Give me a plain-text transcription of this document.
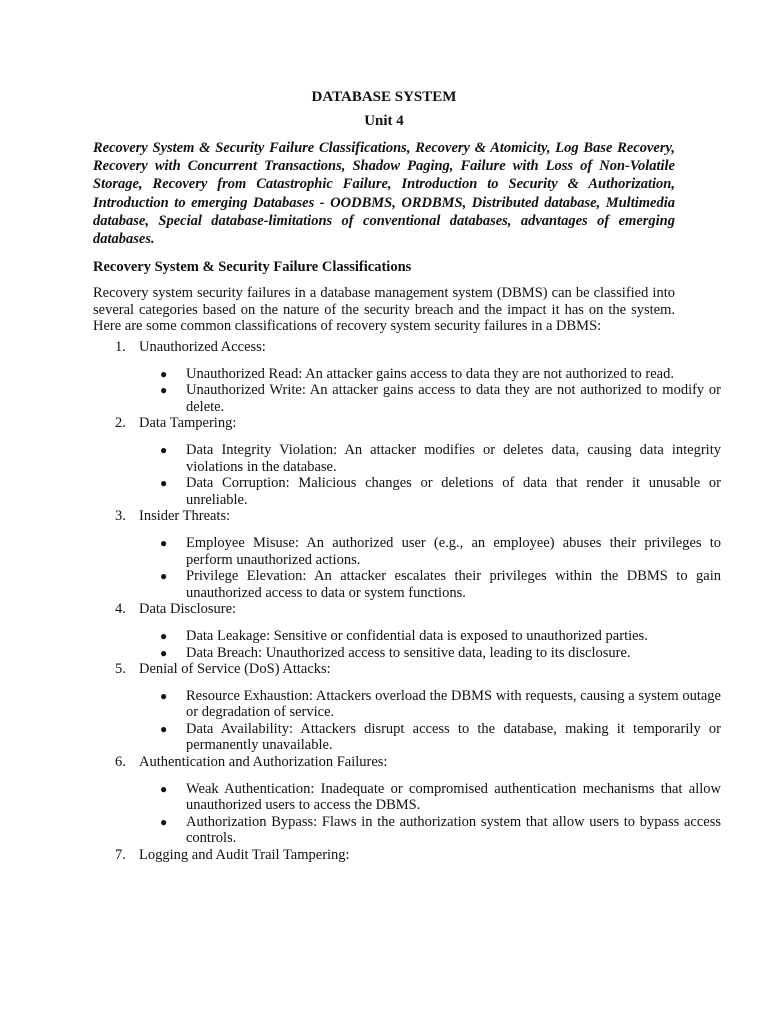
DATABASE SYSTEM
Unit 4

Recovery System & Security Failure Classifications, Recovery & Atomicity, Log Base Recovery, Recovery with Concurrent Transactions, Shadow Paging, Failure with Loss of Non-Volatile Storage, Recovery from Catastrophic Failure, Introduction to Security & Authorization, Introduction to emerging Databases - OODBMS, ORDBMS, Distributed database, Multimedia database, Special database-limitations of conventional databases, advantages of emerging databases.

Recovery System & Security Failure Classifications

Recovery system security failures in a database management system (DBMS) can be classified into several categories based on the nature of the security breach and the impact it has on the system. Here are some common classifications of recovery system security failures in a DBMS:

1. Unauthorized Access:
● Unauthorized Read: An attacker gains access to data they are not authorized to read.
● Unauthorized Write: An attacker gains access to data they are not authorized to modify or delete.
2. Data Tampering:
● Data Integrity Violation: An attacker modifies or deletes data, causing data integrity violations in the database.
● Data Corruption: Malicious changes or deletions of data that render it unusable or unreliable.
3. Insider Threats:
● Employee Misuse: An authorized user (e.g., an employee) abuses their privileges to perform unauthorized actions.
● Privilege Elevation: An attacker escalates their privileges within the DBMS to gain unauthorized access to data or system functions.
4. Data Disclosure:
● Data Leakage: Sensitive or confidential data is exposed to unauthorized parties.
● Data Breach: Unauthorized access to sensitive data, leading to its disclosure.
5. Denial of Service (DoS) Attacks:
● Resource Exhaustion: Attackers overload the DBMS with requests, causing a system outage or degradation of service.
● Data Availability: Attackers disrupt access to the database, making it temporarily or permanently unavailable.
6. Authentication and Authorization Failures:
● Weak Authentication: Inadequate or compromised authentication mechanisms that allow unauthorized users to access the DBMS.
● Authorization Bypass: Flaws in the authorization system that allow users to bypass access controls.
7. Logging and Audit Trail Tampering:
